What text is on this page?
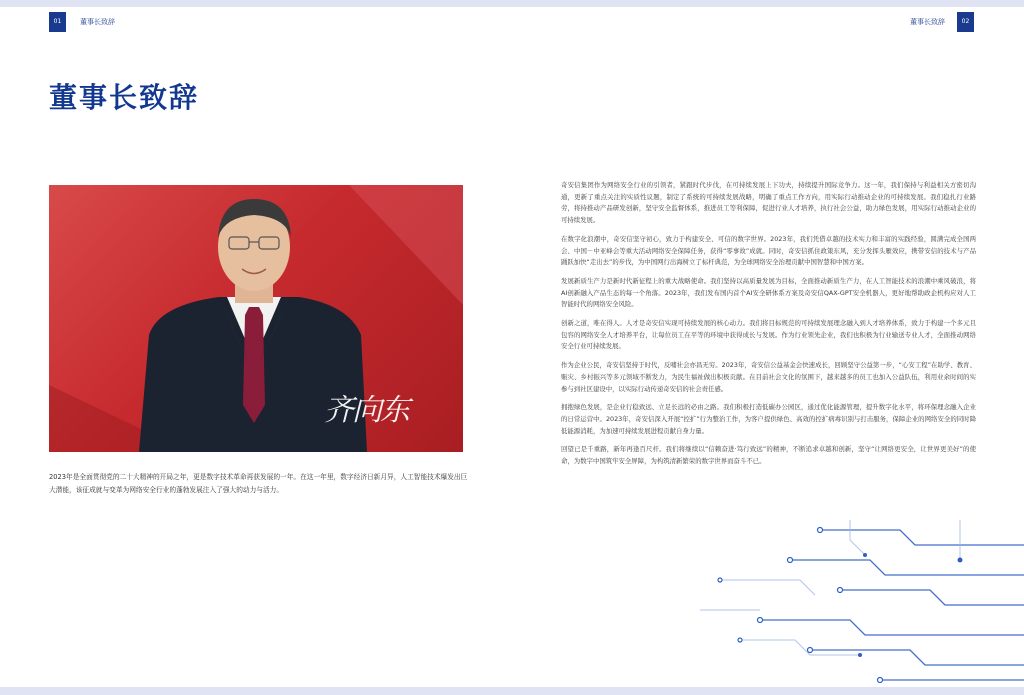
01	董事长致辞	董事长致辞	02
董事长致辞
齐向东

2023年是全面贯彻党的二十大精神的开局之年，更是数字技术革命再获发展的一年。在这一年里，数字经济日新月异，人工智能技术爆发出巨大潜能，该征成就与变革为网络安全行业的蓬勃发展注入了强大的动力与活力。

奇安信集团作为网络安全行业的引领者，紧跟时代步伐，在可持续发展上下功夫，持续提升国际竞争力。这一年，我们保持与利益相关方密切沟通，更新了重点关注的实质性议题，制定了系统的可持续发展战略，明确了重点工作方向，用实际行动推动企业的可持续发展。我们稳扎行业路劳，将持推动产品研发创新，坚守安全监督体系，推进员工等利保障，促进行业人才培养，执行社会公益，助力绿色发展，用实际行动推动企业的可持续发展。

在数字化浪潮中，奇安信坚守初心，致力于构建安全、可信的数字世界。2023年，我们凭借卓越的技术实力和丰富的实践经验，圆满完成全国两会、中国－中亚峰会等重大活动网络安全保障任务，获得“零事故”成就。同时，奇安信抓住政策东风，充分发挥头雁效应，携带安信的技术与产品踊跃加快“走出去”的步伐，为中国网行出海树立了标杆典范，为全球网络安全治理贡献中国智慧和中国方案。

发展新质生产力是新时代新征程上的重大战略使命。我们坚持以高质量发展为目标，全面推动新质生产力，在人工智能技术的浪潮中乘风破浪，将AI创新融入产品生态的每一个角落。2023年，我们发布国内首个AI安全研体系方案及奇安信QAX-GPT安全机器人，更好地帮助政企机构应对人工智能时代的网络安全风险。

创新之道，唯在得人。人才是奇安信实现可持续发展的核心动力。我们将目标规范的可持续发展理念融入到人才培养体系，致力于构建一个多元且包容的网络安全人才培养平台，让每位员工在平等的环境中获得成长与发展。作为行业领先企业，我们也积极为行业输送专业人才，全面推动网络安全行业可持续发展。

作为企业公民，奇安信坚持于时代，反哺社会亦昌无穷。2023年，奇安信公益基金会快速成长，回顾坚守公益第一步，“心安工程”在助学、教育、赈灾、乡村振兴等多元领域不断发力，为民生福祉做出积极贡献。在目前社会文化的氛围下，越来越多的员工也加入公益队伍，利用业余时间的实参与到社区建设中，以实际行动传递奇安信的社会责任感。

拥抱绿色发展，是企业行稳致远、立足长远的必由之路。我们积极打造低碳办公园区，通过优化能源管理，提升数字化水平，将环保理念融入企业的日常运营中。2023年，奇安信深入开展“控扩”行为整治工作，为客户提供绿色、高效的控扩病毒识别与打击服务，保障企业的网络安全的同时降低能源消耗，为加速可持续发展进程贡献自身力量。

回望已是千重路，新年再逢百尺杆。我们将继续以“信赖奋进·笃行致远”的精神，不断追求卓越和创新，坚守“让网络更安全，让世界更美好”的使命，为数字中国筑牢安全屏障，为构筑清新繁荣的数字世界而奋斗不已。
